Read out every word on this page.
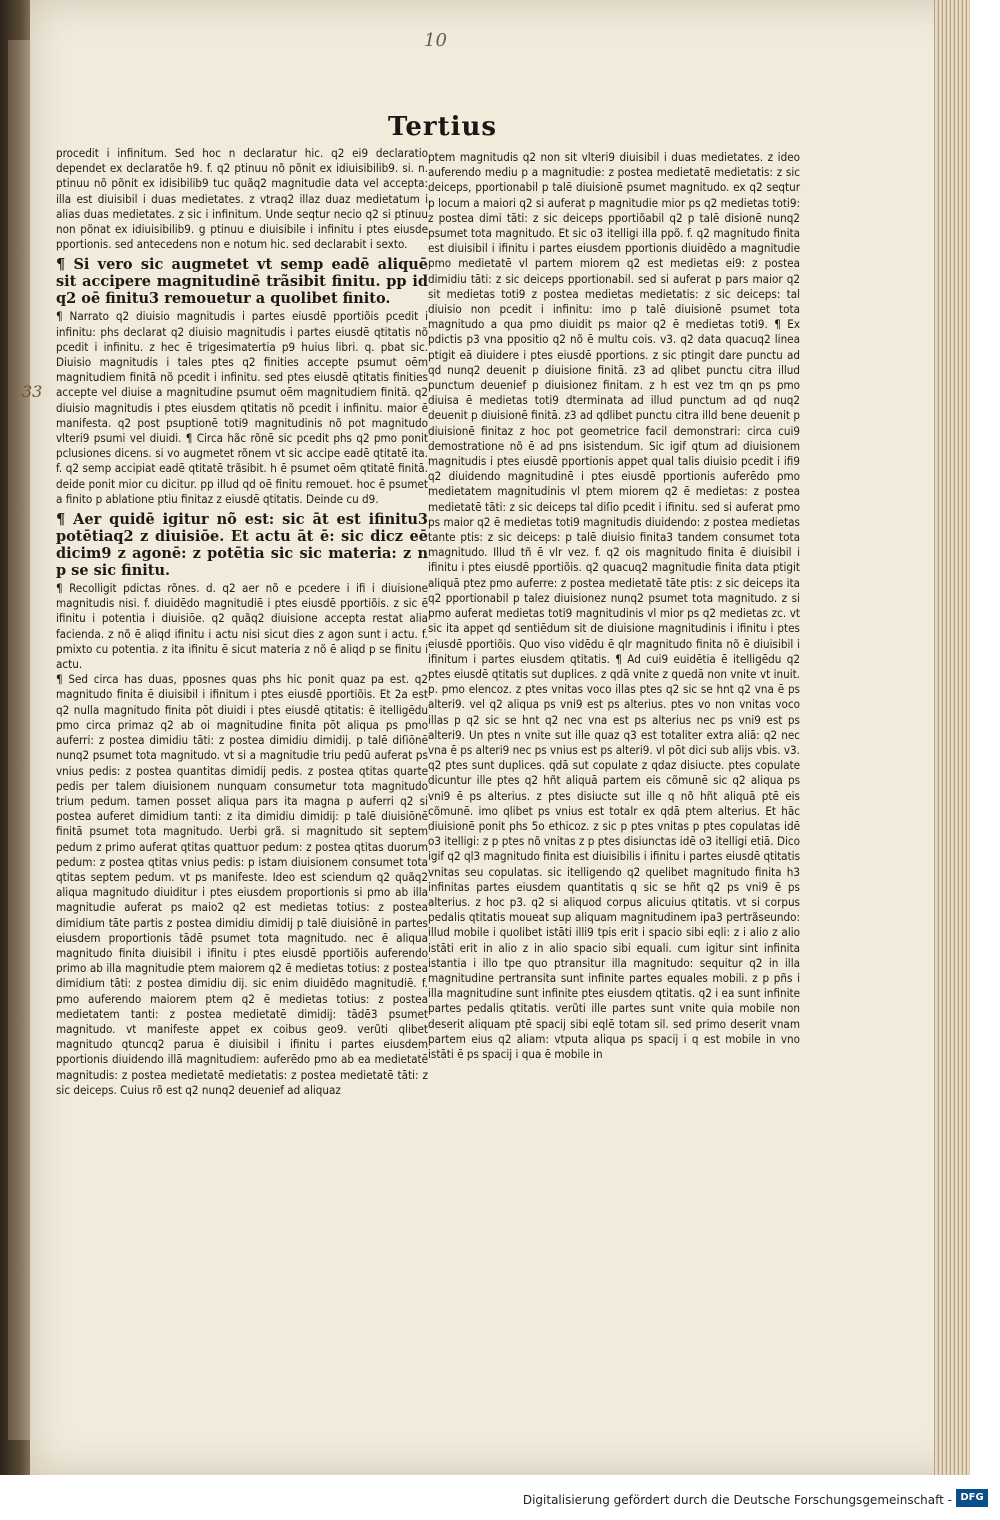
10
Tertius
33

procedit i infinitum. Sed hoc n declaratur hic. q2 ei9 declaratio dependet ex declaratõe h9. f. q2 ptinuu nõ põnit ex idiuisibilib9. si. n. ptinuu nõ põnit ex idisibilib9 tuc quãq2 magnitudie data vel accepta: illa est diuisibil i duas medietates. z vtraq2 illaz duaz medietatum i alias duas medietates. z sic i infinitum. Unde seqtur necio q2 si ptinuu non põnat ex idiuisibilib9. g ptinuu e diuisibile i infinitu i ptes eiusde pportionis. sed antecedens non e notum hic. sed declarabit i sexto.

¶ Si vero sic augmetet vt semp eadē aliquē sit accipere magnitudinē trãsibit finitu. pp id q2 oē finitu3 remouetur a quolibet finito.

¶ Narrato q2 diuisio magnitudis i partes eiusdē pportiõis pcedit i infinitu: phs declarat q2 diuisio magnitudis i partes eiusdē qtitatis nõ pcedit i infinitu. z hec ē trigesimatertia p9 huius libri. q. pbat sic. Diuisio magnitudis i tales ptes q2 finities accepte psumut oēm magnitudiem finitā nõ pcedit i infinitu. sed ptes eiusdē qtitatis finities accepte vel diuise a magnitudine psumut oēm magnitudiem finitā. q2 diuisio magnitudis i ptes eiusdem qtitatis nõ pcedit i infinitu. maior ē manifesta. q2 post psuptionē toti9 magnitudinis nõ pot magnitudo vlteri9 psumi vel diuidi. ¶ Circa hãc rõnē sic pcedit phs q2 pmo ponit pclusiones dicens. si vo augmetet rõnem vt sic accipe eadē qtitatē ita. f. q2 semp accipiat eadē qtitatē trãsibit. h ē psumet oēm qtitatē finitā. deide ponit mior cu dicitur. pp illud qd oē finitu remouet. hoc ē psumet a finito p ablatione ptiu finitaz z eiusdē qtitatis. Deinde cu d9.

¶ Aer quidē igitur nõ est: sic āt est ifinitu3 potētiaq2 z diuisiōe. Et actu āt ē: sic dicz eē dicim9 z agonē: z potētia sic sic materia: z n p se sic finitu.

¶ Recolligit pdictas rõnes. d. q2 aer nõ e pcedere i ifi i diuisione magnitudis nisi. f. diuidēdo magnitudiē i ptes eiusdē pportiõis. z sic ē ifinitu i potentia i diuisiōe. q2 quãq2 diuisione accepta restat alia facienda. z nõ ē aliqd ifinitu i actu nisi sicut dies z agon sunt i actu. f. pmixto cu potentia. z ita ifinitu ē sicut materia z nõ ē aliqd p se finitu i actu.

¶ Sed circa has duas, pposnes quas phs hic ponit quaz pa est. q2 magnitudo finita ē diuisibil i ifinitum i ptes eiusdē pportiõis. Et 2a est q2 nulla magnitudo finita pōt diuidi i ptes eiusdē qtitatis: ē itelligēdu pmo circa primaz q2 ab oi magnitudine finita pōt aliqua ps pmo auferri: z postea dimidiu tāti: z postea dimidiu dimidij. p talē diſiōnē nunq2 psumet tota magnitudo. vt si a magnitudie triu pedū auferat ps vnius pedis: z postea quantitas dimidij pedis. z postea qtitas quarte pedis per talem diuisionem nunquam consumetur tota magnitudo trium pedum. tamen posset aliqua pars ita magna p auferri q2 si postea auferet dimidium tanti: z ita dimidiu dimidij: p talē diuisiōnē finitā psumet tota magnitudo. Uerbi grã. si magnitudo sit septem pedum z primo auferat qtitas quattuor pedum: z postea qtitas duorum pedum: z postea qtitas vnius pedis: p istam diuisionem consumet tota qtitas septem pedum. vt ps manifeste. Ideo est sciendum q2 quãq2 aliqua magnitudo diuiditur i ptes eiusdem proportionis si pmo ab illa magnitudie auferat ps maio2 q2 est medietas totius: z postea dimidium tāte partis z postea dimidiu dimidij p talē diuisiōnē in partes eiusdem proportionis tādē psumet tota magnitudo. nec ē aliqua magnitudo finita diuisibil i ifinitu i ptes eiusdē pportiõis auferendo primo ab illa magnitudie ptem maiorem q2 ē medietas totius: z postea dimidium tāti: z postea dimidiu dij. sic enim diuidēdo magnitudiē. f. pmo auferendo maiorem ptem q2 ē medietas totius: z postea medietatem tanti: z postea medietatē dimidij: tādē3 psumet magnitudo. vt manifeste appet ex coibus geo9. verũti qlibet magnitudo qtuncq2 parua ē diuisibil i ifinitu i partes eiusdem pportionis diuidendo illā magnitudiem: auferēdo pmo ab ea medietatē magnitudis: z postea medietatē medietatis: z postea medietatē tāti: z sic deiceps. Cuius rõ est q2 nunq2 deuenief ad aliquaz

ptem magnitudis q2 non sit vlteri9 diuisibil i duas medietates. z ideo auferendo mediu p a magnitudie: z postea medietatē medietatis: z sic deiceps, pportionabil p talē diuisionē psumet magnitudo. ex q2 seqtur p locum a maiori q2 si auferat p magnitudie mior ps q2 medietas toti9: z postea dimi tāti: z sic deiceps pportiõabil q2 p talē disionē nunq2 psumet tota magnitudo. Et sic o3 itelligi illa ppõ. f. q2 magnitudo finita est diuisibil i ifinitu i partes eiusdem pportionis diuidēdo a magnitudie pmo medietatē vl partem miorem q2 est medietas ei9: z postea dimidiu tāti: z sic deiceps pportionabil. sed si auferat p pars maior q2 sit medietas toti9 z postea medietas medietatis: z sic deiceps: tal diuisio non pcedit i infinitu: imo p talē diuisionē psumet tota magnitudo a qua pmo diuidit ps maior q2 ē medietas toti9. ¶ Ex pdictis p3 vna ppositio q2 nõ ē multu cois. v3. q2 data quacuq2 linea ptigit eā diuidere i ptes eiusdē pportions. z sic ptingit dare punctu ad qd nunq2 deuenit p diuisione finitā. z3 ad qlibet punctu citra illud punctum deuenief p diuisionez finitam. z h est vez tm qn ps pmo diuisa ē medietas toti9 dterminata ad illud punctum ad qd nuq2 deuenit p diuisionē finitā. z3 ad qdlibet punctu citra illd bene deuenit p diuisionē finitaz z hoc pot geometrice facil demonstrari: circa cui9 demostratione nõ ē ad pns isistendum. Sic igif qtum ad diuisionem magnitudis i ptes eiusdē pportionis appet qual talis diuisio pcedit i ifi9 q2 diuidendo magnitudinē i ptes eiusdē pportionis auferēdo pmo medietatem magnitudinis vl ptem miorem q2 ē medietas: z postea medietatē tāti: z sic deiceps tal diſio pcedit i ifinitu. sed si auferat pmo ps maior q2 ē medietas toti9 magnitudis diuidendo: z postea medietas tante ptis: z sic deiceps: p talē diuisio finita3 tandem consumet tota magnitudo. Illud tñ ē vlr vez. f. q2 ois magnitudo finita ē diuisibil i ifinitu i ptes eiusdē pportiõis. q2 quacuq2 magnitudie finita data ptigit aliquā ptez pmo auferre: z postea medietatē tāte ptis: z sic deiceps ita q2 pportionabil p talez diuisionez nunq2 psumet tota magnitudo. z si pmo auferat medietas toti9 magnitudinis vl mior ps q2 medietas zc. vt sic ita appet qd sentiēdum sit de diuisione magnitudinis i ifinitu i ptes eiusdē pportiõis. Quo viso vidēdu ē qlr magnitudo finita nõ ē diuisibil i ifinitum i partes eiusdem qtitatis. ¶ Ad cui9 euidētia ē itelligēdu q2 ptes eiusdē qtitatis sut duplices. z qdā vnite z quedā non vnite vt inuit. p. pmo elencoz. z ptes vnitas voco illas ptes q2 sic se hnt q2 vna ē ps alteri9. vel q2 aliqua ps vni9 est ps alterius. ptes vo non vnitas voco illas p q2 sic se hnt q2 nec vna est ps alterius nec ps vni9 est ps alteri9. Un ptes n vnite sut ille quaz q3 est totaliter extra aliā: q2 nec vna ē ps alteri9 nec ps vnius est ps alteri9. vl pōt dici sub alijs vbis. v3. q2 ptes sunt duplices. qdā sut copulate z qdaz disiucte. ptes copulate dicuntur ille ptes q2 hñt aliquā partem eis cõmunē sic q2 aliqua ps vni9 ē ps alterius. z ptes disiucte sut ille q nõ hñt aliquā ptē eis cõmunē. imo qlibet ps vnius est totalr ex qdā ptem alterius. Et hāc diuisionē ponit phs 5o ethicoz. z sic p ptes vnitas p ptes copulatas idē o3 itelligi: z p ptes nõ vnitas z p ptes disiunctas idē o3 itelligi etiā. Dico igif q2 ql3 magnitudo finita est diuisibilis i ifinitu i partes eiusdē qtitatis vnitas seu copulatas. sic itelligendo q2 quelibet magnitudo finita h3 infinitas partes eiusdem quantitatis q sic se hñt q2 ps vni9 ē ps alterius. z hoc p3. q2 si aliquod corpus alicuius qtitatis. vt si corpus pedalis qtitatis moueat sup aliquam magnitudinem ipa3 pertrãseundo: illud mobile i quolibet istāti illi9 tpis erit i spacio sibi eqli: z i alio z alio istāti erit in alio z in alio spacio sibi equali. cum igitur sint infinita istantia i illo tpe quo ptransitur illa magnitudo: sequitur q2 in illa magnitudine pertransita sunt infinite partes equales mobili. z p pñs i illa magnitudine sunt infinite ptes eiusdem qtitatis. q2 i ea sunt infinite partes pedalis qtitatis. verũti ille partes sunt vnite quia mobile non deserit aliquam ptē spacij sibi eqlē totam sil. sed primo deserit vnam partem eius q2 aliam: vtputa aliqua ps spacij i q est mobile in vno istāti ē ps spacij i qua ē mobile in

Digitalisierung gefördert durch die Deutsche Forschungsgemeinschaft - DFG
